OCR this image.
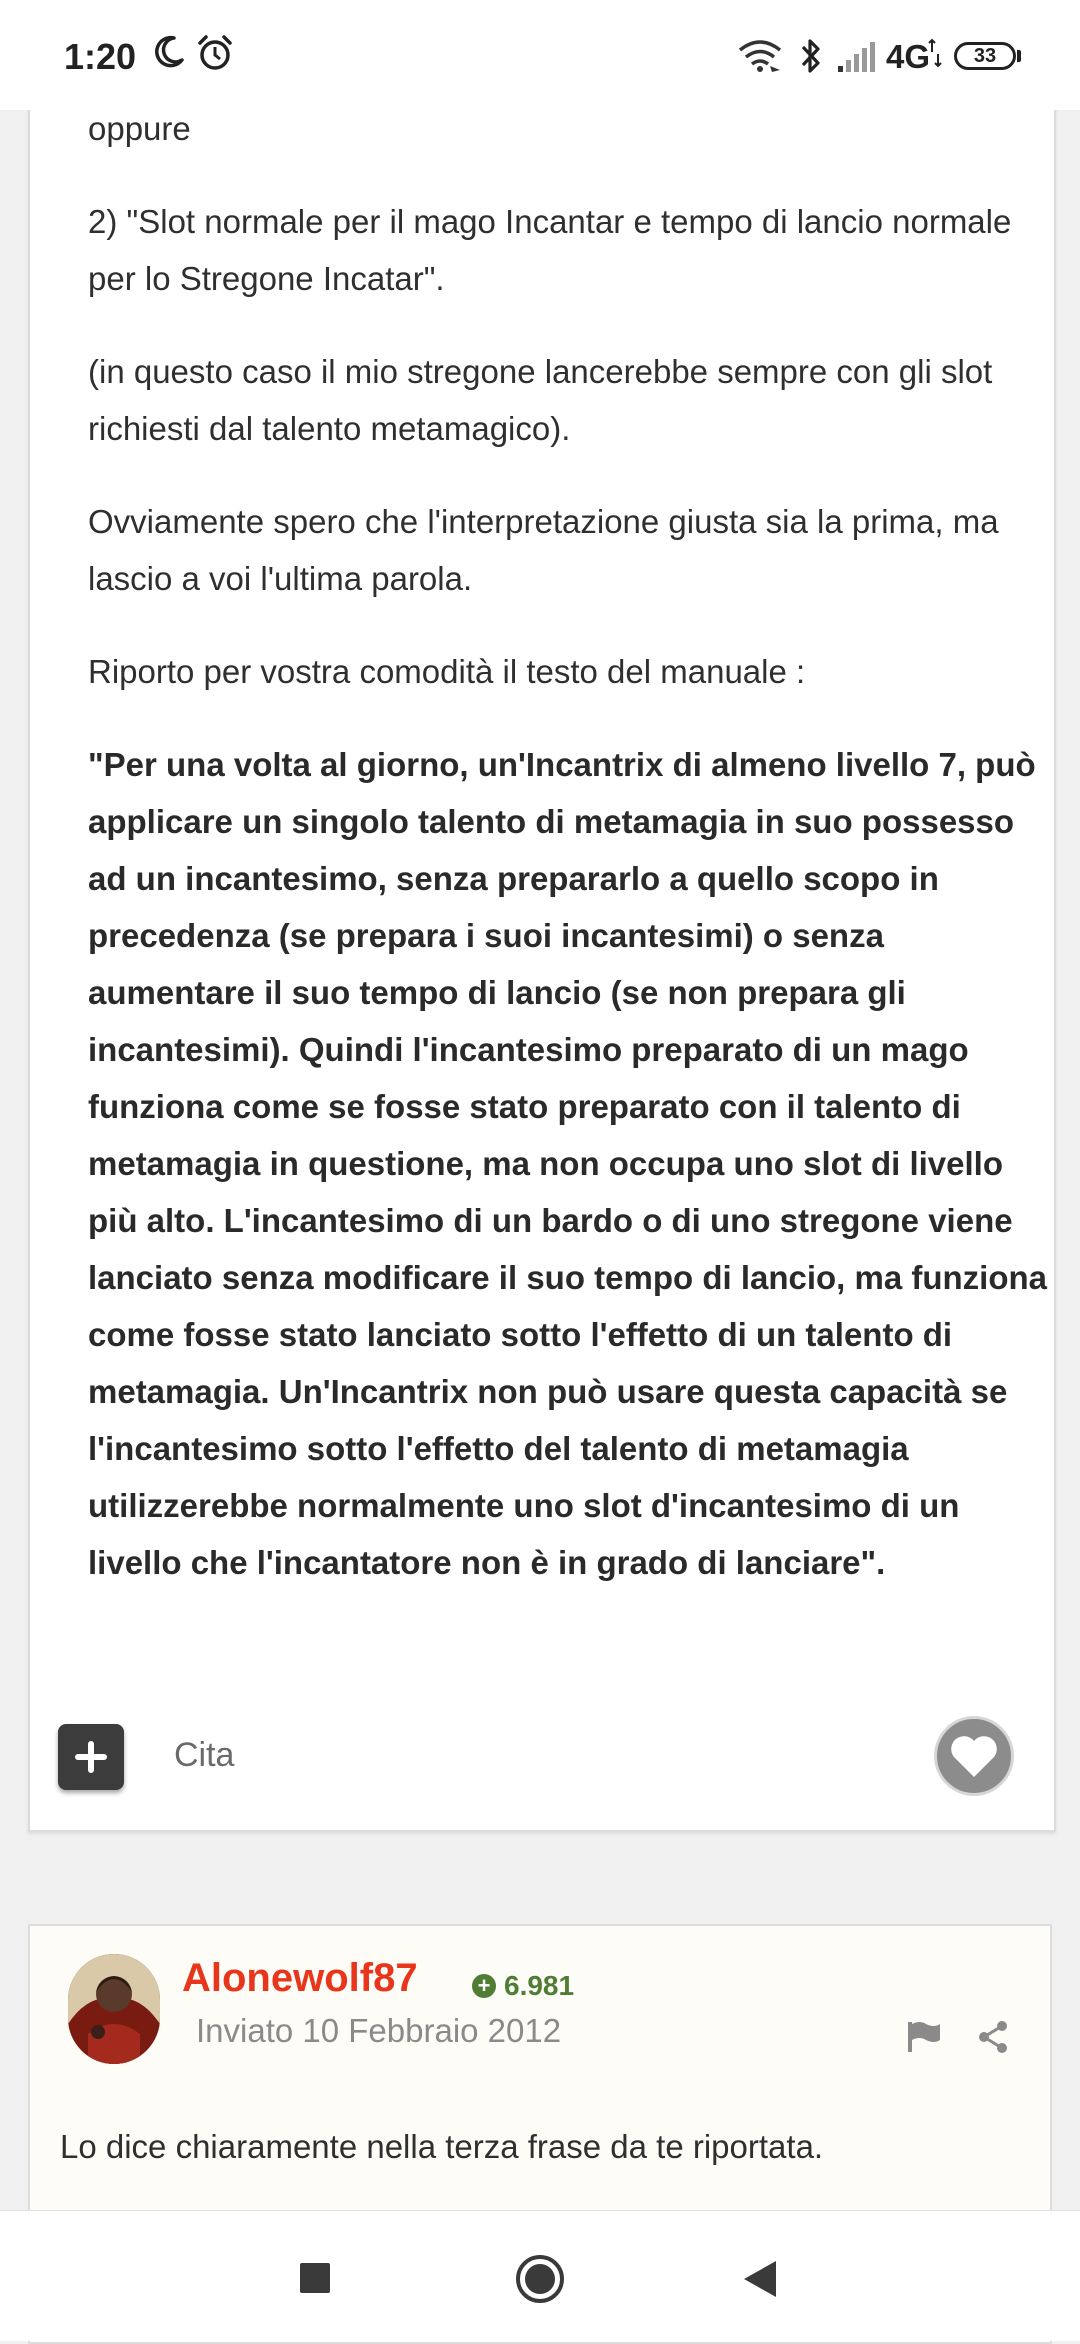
1:20	4G	33

oppure

2) "Slot normale per il mago Incantar e tempo di lancio normale per lo Stregone Incatar".

(in questo caso il mio stregone lancerebbe sempre con gli slot richiesti dal talento metamagico).

Ovviamente spero che l'interpretazione giusta sia la prima, ma lascio a voi l'ultima parola.

Riporto per vostra comodità il testo del manuale :

"Per una volta al giorno, un'Incantrix di almeno livello 7, può applicare un singolo talento di metamagia in suo possesso ad un incantesimo, senza prepararlo a quello scopo in precedenza (se prepara i suoi incantesimi) o senza aumentare il suo tempo di lancio (se non prepara gli incantesimi). Quindi l'incantesimo preparato di un mago funziona come se fosse stato preparato con il talento di metamagia in questione, ma non occupa uno slot di livello più alto. L'incantesimo di un bardo o di uno stregone viene lanciato senza modificare il suo tempo di lancio, ma funziona come fosse stato lanciato sotto l'effetto di un talento di metamagia. Un'Incantrix non può usare questa capacità se l'incantesimo sotto l'effetto del talento di metamagia utilizzerebbe normalmente uno slot d'incantesimo di un livello che l'incantatore non è in grado di lanciare".

Cita
Alonewolf87	+ 6.981
Inviato 10 Febbraio 2012
Lo dice chiaramente nella terza frase da te riportata.
